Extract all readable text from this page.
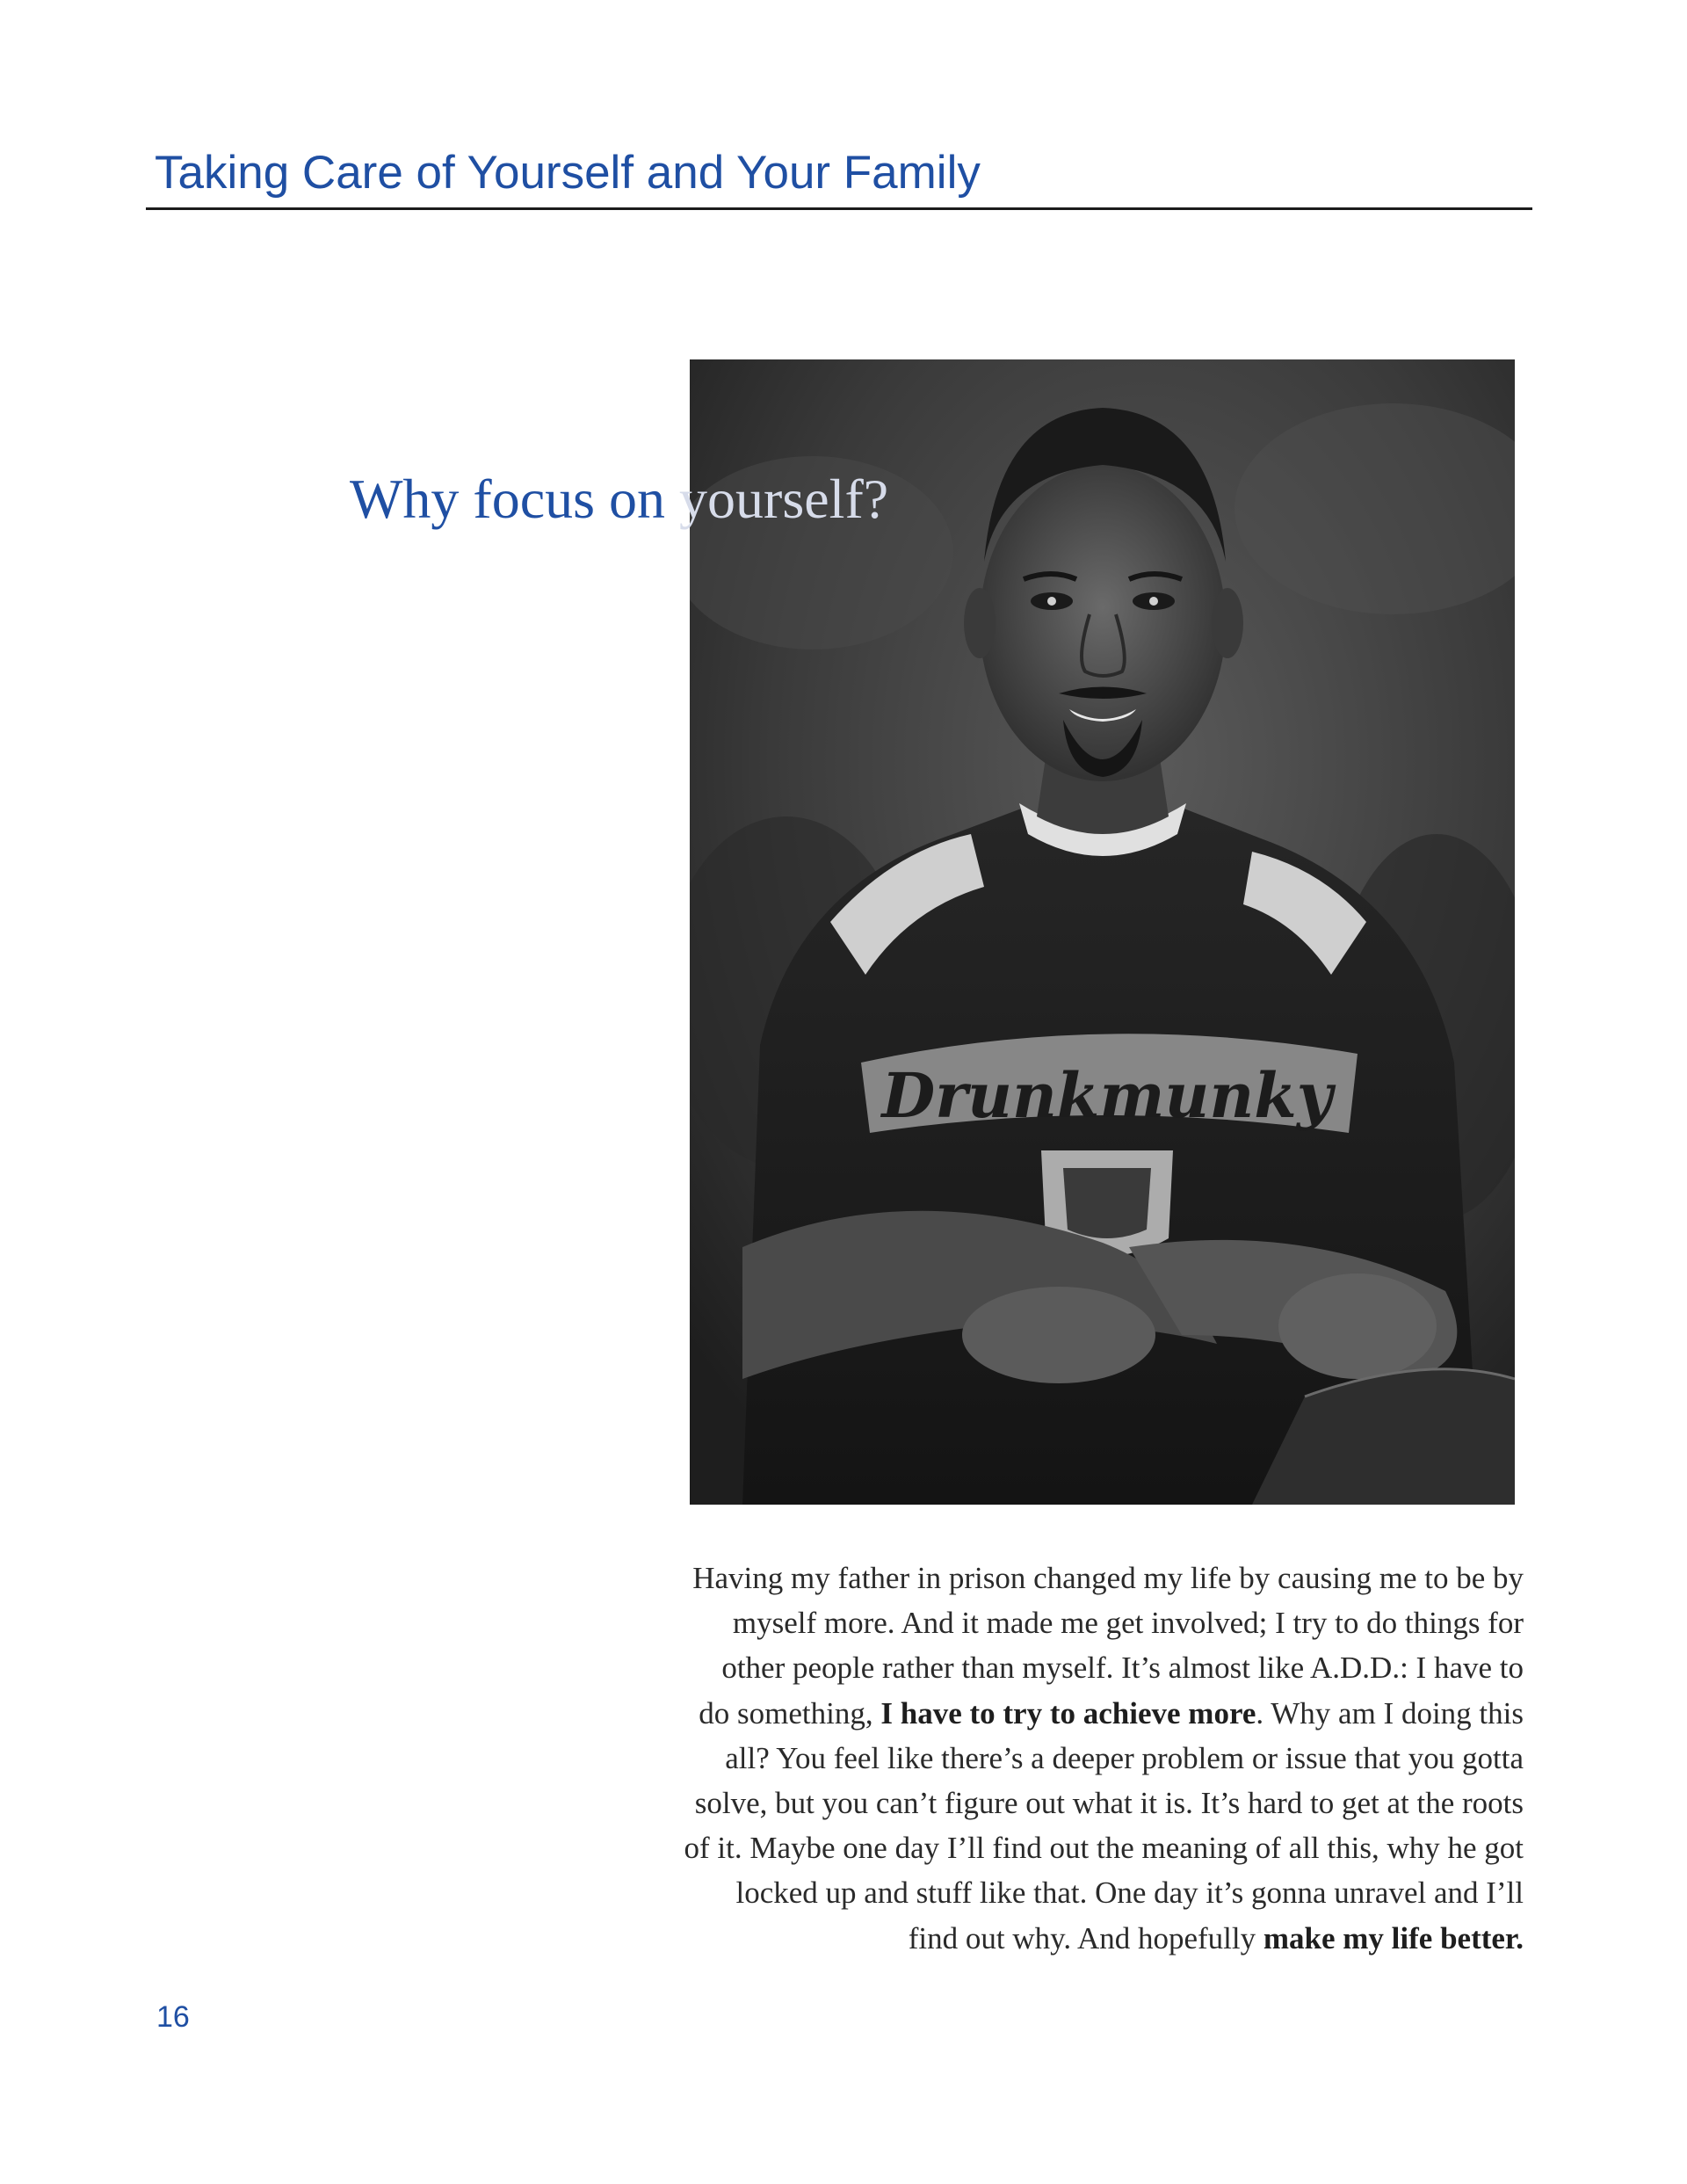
Taking Care of Yourself and Your Family
Drunkmunky
Why focus on yourself?
Having my father in prison changed my life by causing me to be by
myself more. And it made me get involved; I try to do things for
other people rather than myself. It’s almost like A.D.D.: I have to
do something, I have to try to achieve more. Why am I doing this
all? You feel like there’s a deeper problem or issue that you gotta
solve, but you can’t figure out what it is. It’s hard to get at the roots
of it. Maybe one day I’ll find out the meaning of all this, why he got
locked up and stuff like that. One day it’s gonna unravel and I’ll
find out why. And hopefully make my life better.
16
